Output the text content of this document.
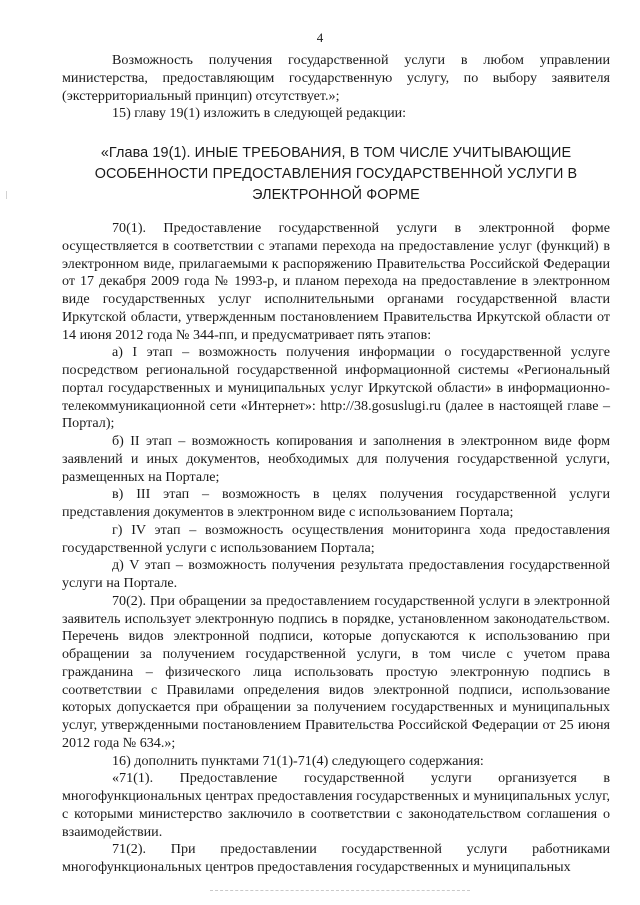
4

Возможность получения государственной услуги в любом управлении министерства, предоставляющим государственную услугу, по выбору заявителя (экстерриториальный принцип) отсутствует.»;

15) главу 19(1) изложить в следующей редакции:

«Глава 19(1). ИНЫЕ ТРЕБОВАНИЯ, В ТОМ ЧИСЛЕ УЧИТЫВАЮЩИЕ
ОСОБЕННОСТИ ПРЕДОСТАВЛЕНИЯ ГОСУДАРСТВЕННОЙ УСЛУГИ В
ЭЛЕКТРОННОЙ ФОРМЕ

70(1). Предоставление государственной услуги в электронной форме осуществляется в соответствии с этапами перехода на предоставление услуг (функций) в электронном виде, прилагаемыми к распоряжению Правительства Российской Федерации от 17 декабря 2009 года № 1993-р, и планом перехода на предоставление в электронном виде государственных услуг исполнительными органами государственной власти Иркутской области, утвержденным постановлением Правительства Иркутской области от 14 июня 2012 года № 344-пп, и предусматривает пять этапов:

а) I этап – возможность получения информации о государственной услуге посредством региональной государственной информационной системы «Региональный портал государственных и муниципальных услуг Иркутской области» в информационно-телекоммуникационной сети «Интернет»: http://38.gosuslugi.ru (далее в настоящей главе – Портал);

б) II этап – возможность копирования и заполнения в электронном виде форм заявлений и иных документов, необходимых для получения государственной услуги, размещенных на Портале;

в) III этап – возможность в целях получения государственной услуги представления документов в электронном виде с использованием Портала;

г) IV этап – возможность осуществления мониторинга хода предоставления государственной услуги с использованием Портала;

д) V этап – возможность получения результата предоставления государственной услуги на Портале.

70(2). При обращении за предоставлением государственной услуги в электронной заявитель использует электронную подпись в порядке, установленном законодательством. Перечень видов электронной подписи, которые допускаются к использованию при обращении за получением государственной услуги, в том числе с учетом права гражданина – физического лица использовать простую электронную подпись в соответствии с Правилами определения видов электронной подписи, использование которых допускается при обращении за получением государственных и муниципальных услуг, утвержденными постановлением Правительства Российской Федерации от 25 июня 2012 года № 634.»;

16) дополнить пунктами 71(1)-71(4) следующего содержания:

«71(1). Предоставление государственной услуги организуется в многофункциональных центрах предоставления государственных и муниципальных услуг, с которыми министерство заключило в соответствии с законодательством соглашения о взаимодействии.

71(2). При предоставлении государственной услуги работниками многофункциональных центров предоставления государственных и муниципальных
